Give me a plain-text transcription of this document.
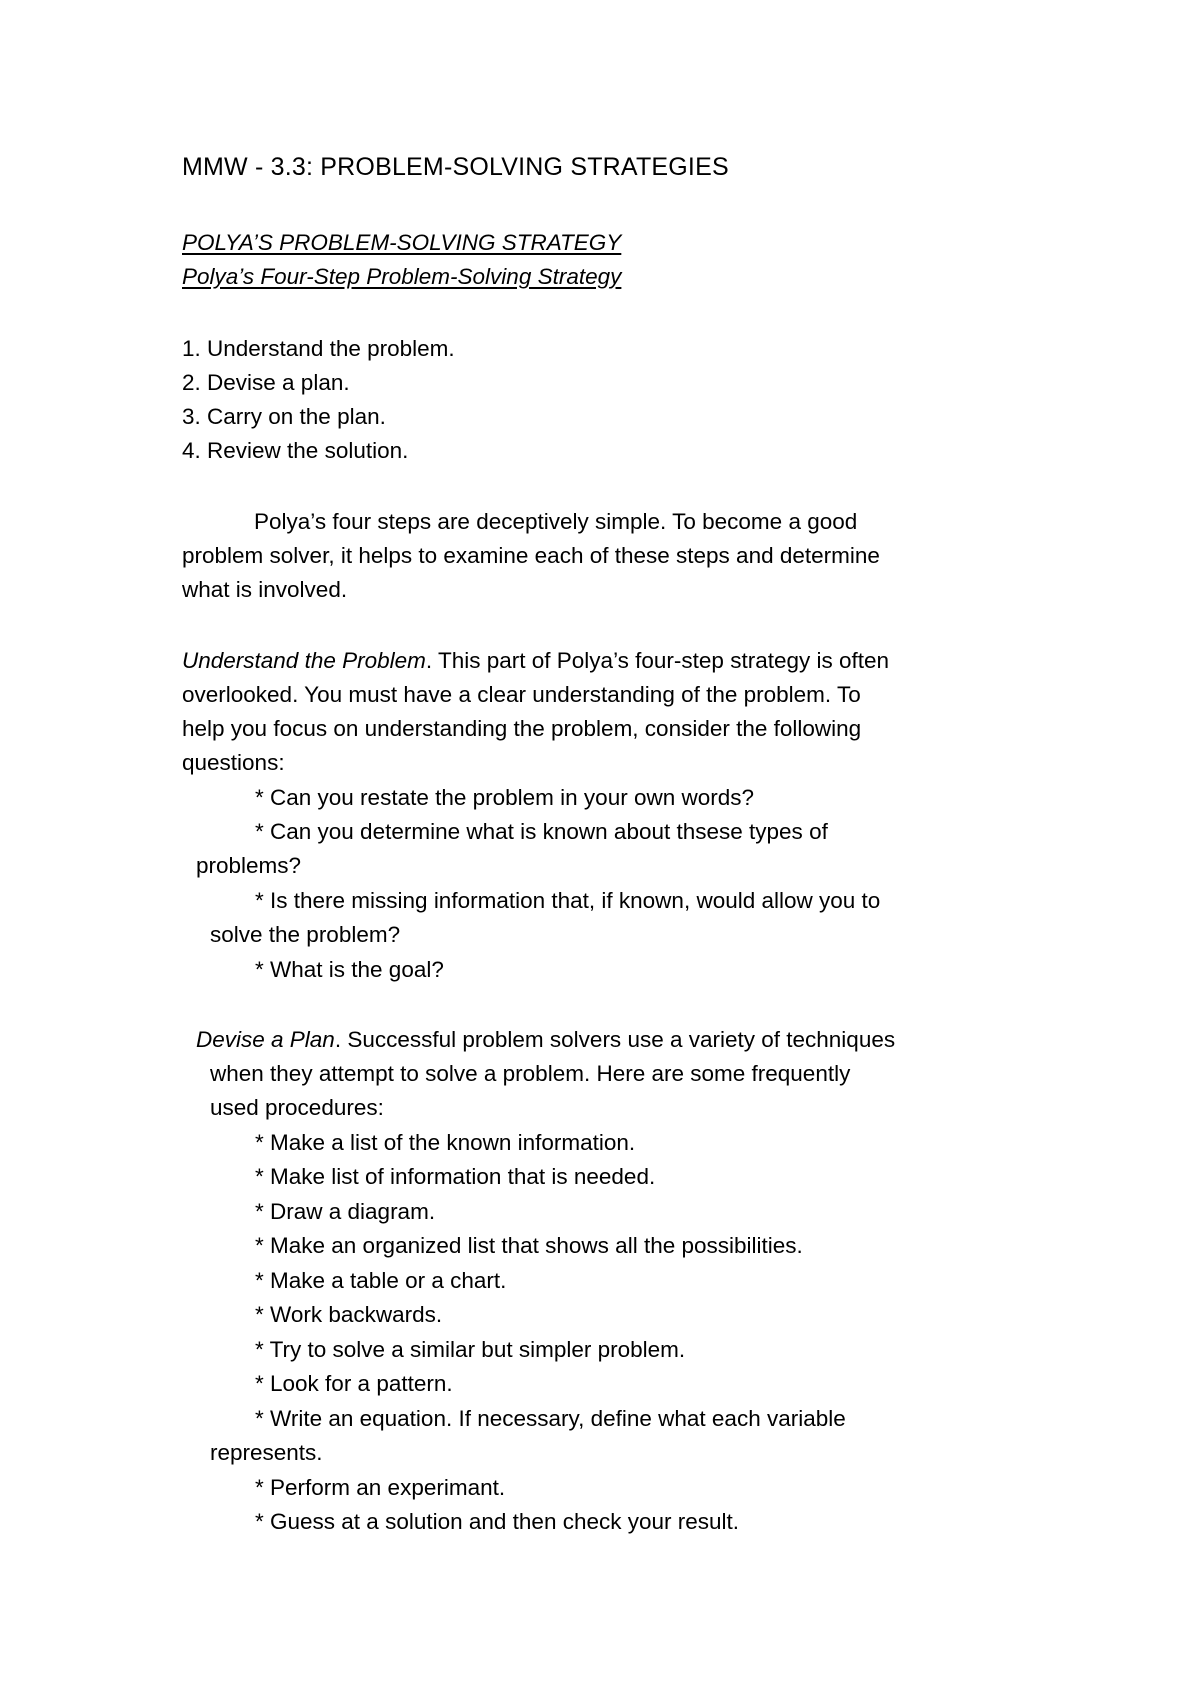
MMW - 3.3: PROBLEM-SOLVING STRATEGIES
POLYA’S PROBLEM-SOLVING STRATEGY
Polya’s Four-Step Problem-Solving Strategy
1. Understand the problem.
2. Devise a plan.
3. Carry on the plan.
4. Review the solution.
Polya’s four steps are deceptively simple. To become a good
problem solver, it helps to examine each of these steps and determine
what is involved.
Understand the Problem. This part of Polya’s four-step strategy is often
overlooked. You must have a clear understanding of the problem. To
help you focus on understanding the problem, consider the following
questions:
* Can you restate the problem in your own words?
* Can you determine what is known about thsese types of
problems?
* Is there missing information that, if known, would allow you to
solve the problem?
* What is the goal?
Devise a Plan. Successful problem solvers use a variety of techniques
when they attempt to solve a problem. Here are some frequently
used procedures:
* Make a list of the known information.
* Make list of information that is needed.
* Draw a diagram.
* Make an organized list that shows all the possibilities.
* Make a table or a chart.
* Work backwards.
* Try to solve a similar but simpler problem.
* Look for a pattern.
* Write an equation. If necessary, define what each variable
represents.
* Perform an experimant.
* Guess at a solution and then check your result.
